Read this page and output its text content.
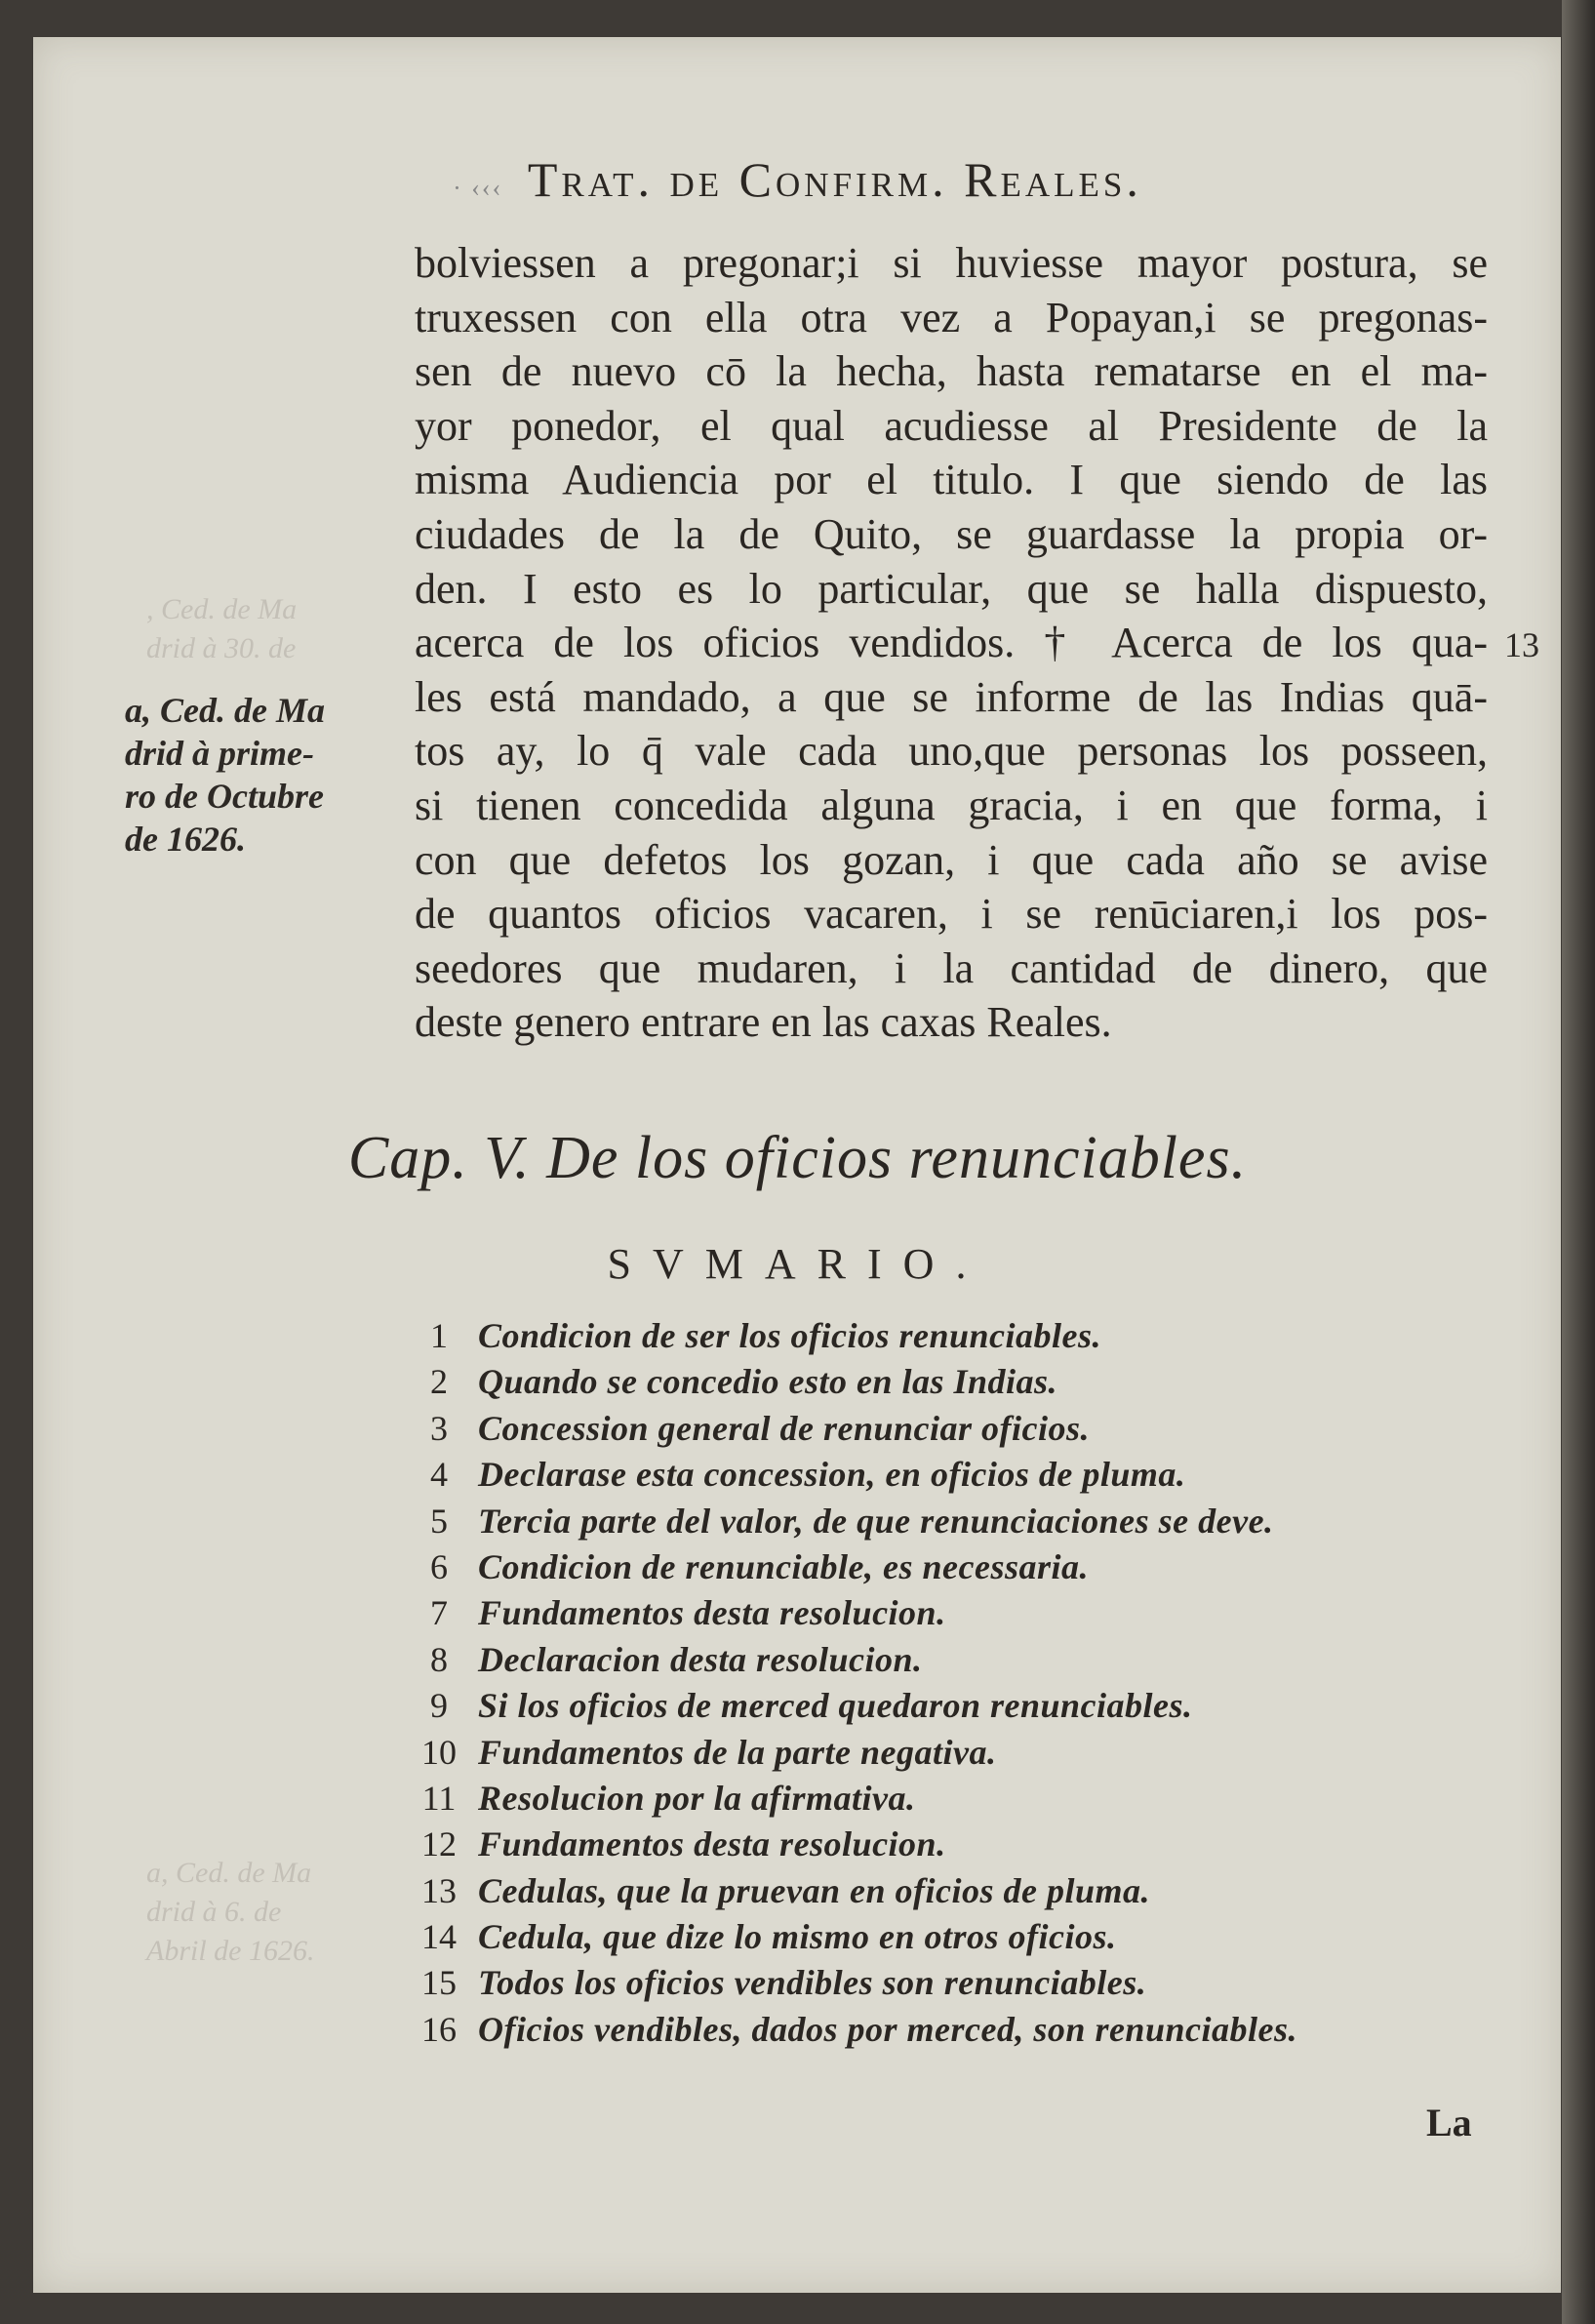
, Ced. de Ma
drid à 30. de
a, Ced. de Ma
drid à 6. de
Abril de 1626.
· ‹‹‹ Trat. de Confirm. Reales.
bolviessen a pregonar;i si huviesse mayor postura, se
truxessen con ella otra vez a Popayan,i se pregonas-
sen de nuevo cō la hecha, hasta rematarse en el ma-
yor ponedor, el qual acudiesse al Presidente de la
misma Audiencia por el titulo. I que siendo de las
ciudades de la de Quito, se guardasse la propia or-
den. I esto es lo particular, que se halla dispuesto,
acerca de los oficios vendidos. † Acerca de los qua-
les está mandado, a que se informe de las Indias quā-
tos ay, lo q̄ vale cada uno,que personas los posseen,
si tienen concedida alguna gracia, i en que forma, i
con que defetos los gozan, i que cada año se avise
de quantos oficios vacaren, i se renūciaren,i los pos-
seedores que mudaren, i la cantidad de dinero, que
deste genero entrare en las caxas Reales.
a, Ced. de Ma
drid à prime-
ro de Octubre
de 1626.
13
Cap. V. De los oficios renunciables.
SVMARIO.
1 Condicion de ser los oficios renunciables.
2 Quando se concedio esto en las Indias.
3 Concession general de renunciar oficios.
4 Declarase esta concession, en oficios de pluma.
5 Tercia parte del valor, de que renunciaciones se deve.
6 Condicion de renunciable, es necessaria.
7 Fundamentos desta resolucion.
8 Declaracion desta resolucion.
9 Si los oficios de merced quedaron renunciables.
10 Fundamentos de la parte negativa.
11 Resolucion por la afirmativa.
12 Fundamentos desta resolucion.
13 Cedulas, que la pruevan en oficios de pluma.
14 Cedula, que dize lo mismo en otros oficios.
15 Todos los oficios vendibles son renunciables.
16 Oficios vendibles, dados por merced, son renunciables.
La
